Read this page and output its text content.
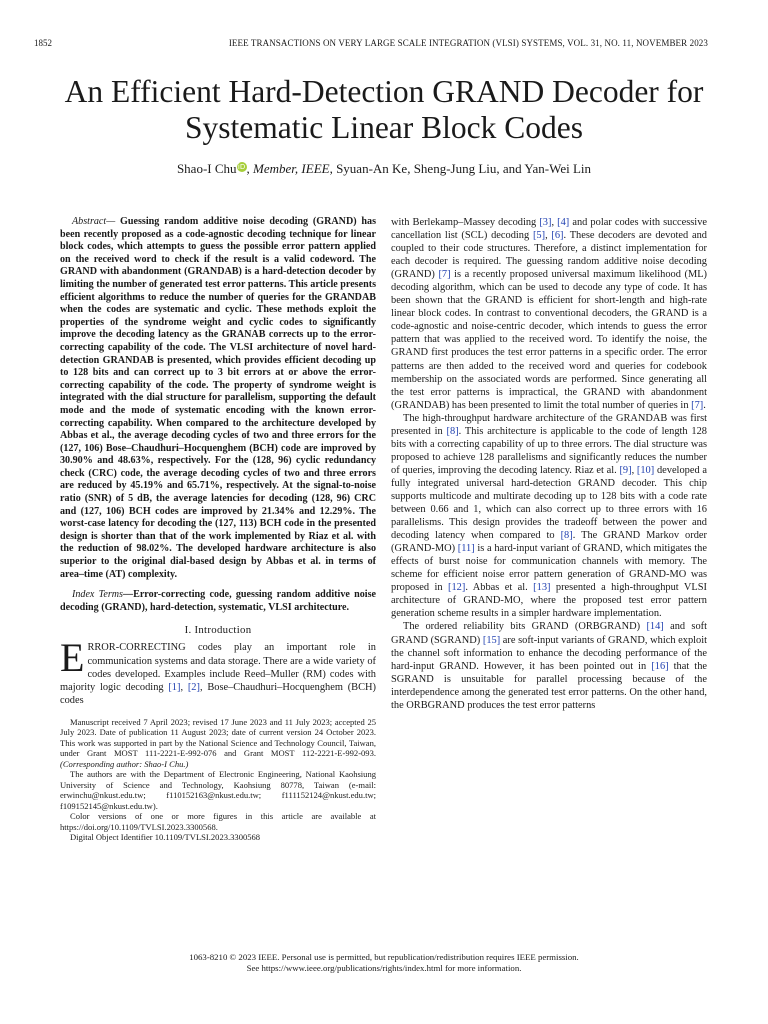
1852	IEEE TRANSACTIONS ON VERY LARGE SCALE INTEGRATION (VLSI) SYSTEMS, VOL. 31, NO. 11, NOVEMBER 2023
An Efficient Hard-Detection GRAND Decoder for
Systematic Linear Block Codes
Shao-I ChuiD, Member, IEEE, Syuan-An Ke, Sheng-Jung Liu, and Yan-Wei Lin

Abstract— Guessing random additive noise decoding (GRAND) has been recently proposed as a code-agnostic decoding technique for linear block codes, which attempts to guess the possible error pattern applied on the received word to check if the result is a valid codeword. The GRAND with abandonment (GRANDAB) is a hard-detection decoder by limiting the number of generated test error patterns. This article presents efficient algorithms to reduce the number of queries for the GRANDAB when the codes are systematic and cyclic. These methods exploit the properties of the syndrome weight and cyclic codes to significantly improve the decoding latency as the GRANAB corrects up to the error-correcting capability of the code. The VLSI architecture of novel hard-detection GRANDAB is presented, which provides efficient decoding up to 128 bits and can correct up to 3 bit errors at or above the error-correcting capability of the code. The property of syndrome weight is integrated with the dial structure for parallelism, supporting the default mode and the mode of systematic encoding with the known error-correcting capability. When compared to the architecture developed by Abbas et al., the average decoding cycles of two and three errors for the (127, 106) Bose–Chaudhuri–Hocquenghem (BCH) code are improved by 30.90% and 48.63%, respectively. For the (128, 96) cyclic redundancy check (CRC) code, the average decoding cycles of two and three errors are reduced by 45.19% and 65.71%, respectively. At the signal-to-noise ratio (SNR) of 5 dB, the average latencies for decoding (128, 96) CRC and (127, 106) BCH codes are improved by 21.34% and 12.29%. The worst-case latency for decoding the (127, 113) BCH code in the presented design is shorter than that of the work implemented by Riaz et al. with the reduction of 98.02%. The developed hardware architecture is also superior to the original dial-based design by Abbas et al. in terms of area–time (AT) complexity.

Index Terms—Error-correcting code, guessing random additive noise decoding (GRAND), hard-detection, systematic, VLSI architecture.

I. Introduction

ERROR-CORRECTING codes play an important role in communication systems and data storage. There are a wide variety of codes developed. Examples include Reed–Muller (RM) codes with majority logic decoding [1], [2], Bose–Chaudhuri–Hocquenghem (BCH) codes

Manuscript received 7 April 2023; revised 17 June 2023 and 11 July 2023; accepted 25 July 2023. Date of publication 11 August 2023; date of current version 24 October 2023. This work was supported in part by the National Science and Technology Council, Taiwan, under Grant MOST 111-2221-E-992-076 and Grant MOST 112-2221-E-992-093. (Corresponding author: Shao-I Chu.)

The authors are with the Department of Electronic Engineering, National Kaohsiung University of Science and Technology, Kaohsiung 80778, Taiwan (e-mail: erwinchu@nkust.edu.tw; f110152163@nkust.edu.tw; f111152124@nkust.edu.tw; f109152145@nkust.edu.tw).

Color versions of one or more figures in this article are available at https://doi.org/10.1109/TVLSI.2023.3300568.

Digital Object Identifier 10.1109/TVLSI.2023.3300568

with Berlekamp–Massey decoding [3], [4] and polar codes with successive cancellation list (SCL) decoding [5], [6]. These decoders are devoted and coupled to their code structures. Therefore, a distinct implementation for each decoder is required. The guessing random additive noise decoding (GRAND) [7] is a recently proposed universal maximum likelihood (ML) decoding algorithm, which can be used to decode any type of code. It has been shown that the GRAND is efficient for short-length and high-rate linear block codes. In contrast to conventional decoders, the GRAND is a code-agnostic and noise-centric decoder, which intends to guess the error pattern that was applied to the received word. To identify the noise, the GRAND first produces the test error patterns in a specific order. The error patterns are then added to the received word and queries for codebook membership on the associated words are performed. Since generating all the test error patterns is impractical, the GRAND with abandonment (GRANDAB) has been presented to limit the total number of queries in [7].

The high-throughput hardware architecture of the GRANDAB was first presented in [8]. This architecture is applicable to the code of length 128 bits with a correcting capability of up to three errors. The dial structure was proposed to achieve 128 parallelisms and significantly reduces the number of queries, improving the decoding latency. Riaz et al. [9], [10] developed a fully integrated universal hard-detection GRAND decoder. This chip supports multicode and multirate decoding up to 128 bits with a code rate between 0.66 and 1, which can also correct up to three errors with 16 parallelisms. This design provides the tradeoff between the power and decoding latency when compared to [8]. The GRAND Markov order (GRAND-MO) [11] is a hard-input variant of GRAND, which mitigates the effects of burst noise for communication channels with memory. The scheme for efficient noise error pattern generation of GRAND-MO was proposed in [12]. Abbas et al. [13] presented a high-throughput VLSI architecture of GRAND-MO, where the proposed test error pattern generation scheme results in a simpler hardware implementation.

The ordered reliability bits GRAND (ORBGRAND) [14] and soft GRAND (SGRAND) [15] are soft-input variants of GRAND, which exploit the channel soft information to enhance the decoding performance of the hard-input GRAND. However, it has been pointed out in [16] that the SGRAND is unsuitable for parallel processing because of the interdependence among the generated test error patterns. On the other hand, the ORBGRAND produces the test error patterns

1063-8210 © 2023 IEEE. Personal use is permitted, but republication/redistribution requires IEEE permission.
See https://www.ieee.org/publications/rights/index.html for more information.
